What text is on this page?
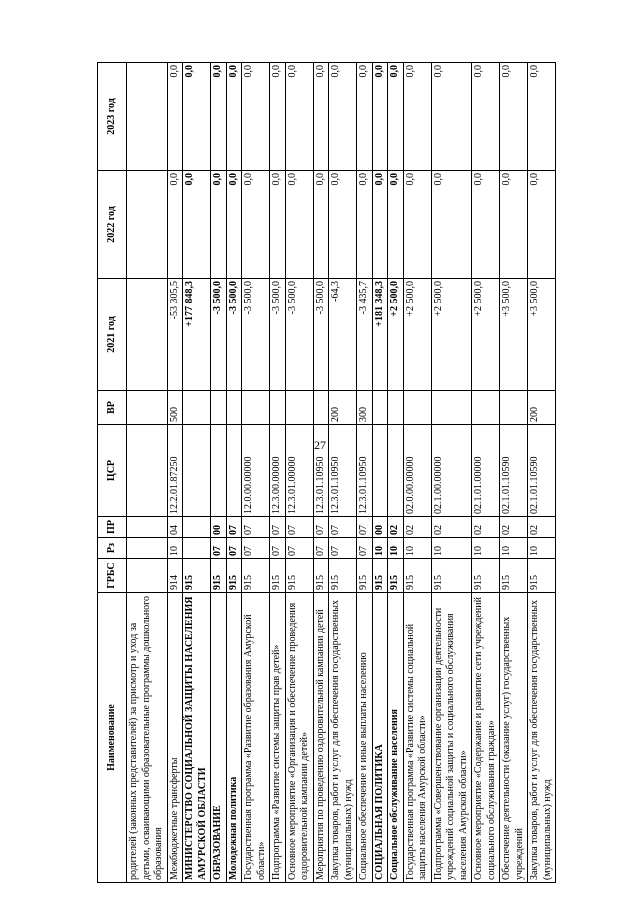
27
Наименование	ГРБС	Рз	ПР	ЦСР	ВР	2021 год	2022 год	2023 год
родителей (законных представителей) за присмотр и уход за детьми, осваивающими образовательные программы дошкольного образования								
Межбюджетные трансферты	914	10	04	12.2.01.87250	500	-53 305,5	0,0	0,0
МИНИСТЕРСТВО СОЦИАЛЬНОЙ ЗАЩИТЫ НАСЕЛЕНИЯ АМУРСКОЙ ОБЛАСТИ	915					+177 848,3	0,0	0,0
ОБРАЗОВАНИЕ	915	07	00			-3 500,0	0,0	0,0
Молодежная политика	915	07	07			-3 500,0	0,0	0,0
Государственная программа «Развитие образования Амурской области»	915	07	07	12.0.00.00000		-3 500,0	0,0	0,0
Подпрограмма «Развитие системы защиты прав детей»	915	07	07	12.3.00.00000		-3 500,0	0,0	0,0
Основное мероприятие «Организация и обеспечение проведения оздоровительной кампании детей»	915	07	07	12.3.01.00000		-3 500,0	0,0	0,0
Мероприятия по проведению оздоровительной кампании детей	915	07	07	12.3.01.10950		-3 500,0	0,0	0,0
Закупка товаров, работ и услуг для обеспечения государственных (муниципальных) нужд	915	07	07	12.3.01.10950	200	-64,3	0,0	0,0
Социальное обеспечение и иные выплаты населению	915	07	07	12.3.01.10950	300	-3 435,7	0,0	0,0
СОЦИАЛЬНАЯ ПОЛИТИКА	915	10	00			+181 348,3	0,0	0,0
Социальное обслуживание населения	915	10	02			+2 500,0	0,0	0,0
Государственная программа «Развитие системы социальной защиты населения Амурской области»	915	10	02	02.0.00.00000		+2 500,0	0,0	0,0
Подпрограмма «Совершенствование организации деятельности учреждений социальной защиты и социального обслуживания населения Амурской области»	915	10	02	02.1.00.00000		+2 500,0	0,0	0,0
Основное мероприятие «Содержание и развитие сети учреждений социального обслуживания граждан»	915	10	02	02.1.01.00000		+2 500,0	0,0	0,0
Обеспечение деятельности (оказание услуг) государственных учреждений	915	10	02	02.1.01.10590		+3 500,0	0,0	0,0
Закупка товаров, работ и услуг для обеспечения государственных (муниципальных) нужд	915	10	02	02.1.01.10590	200	+3 500,0	0,0	0,0
